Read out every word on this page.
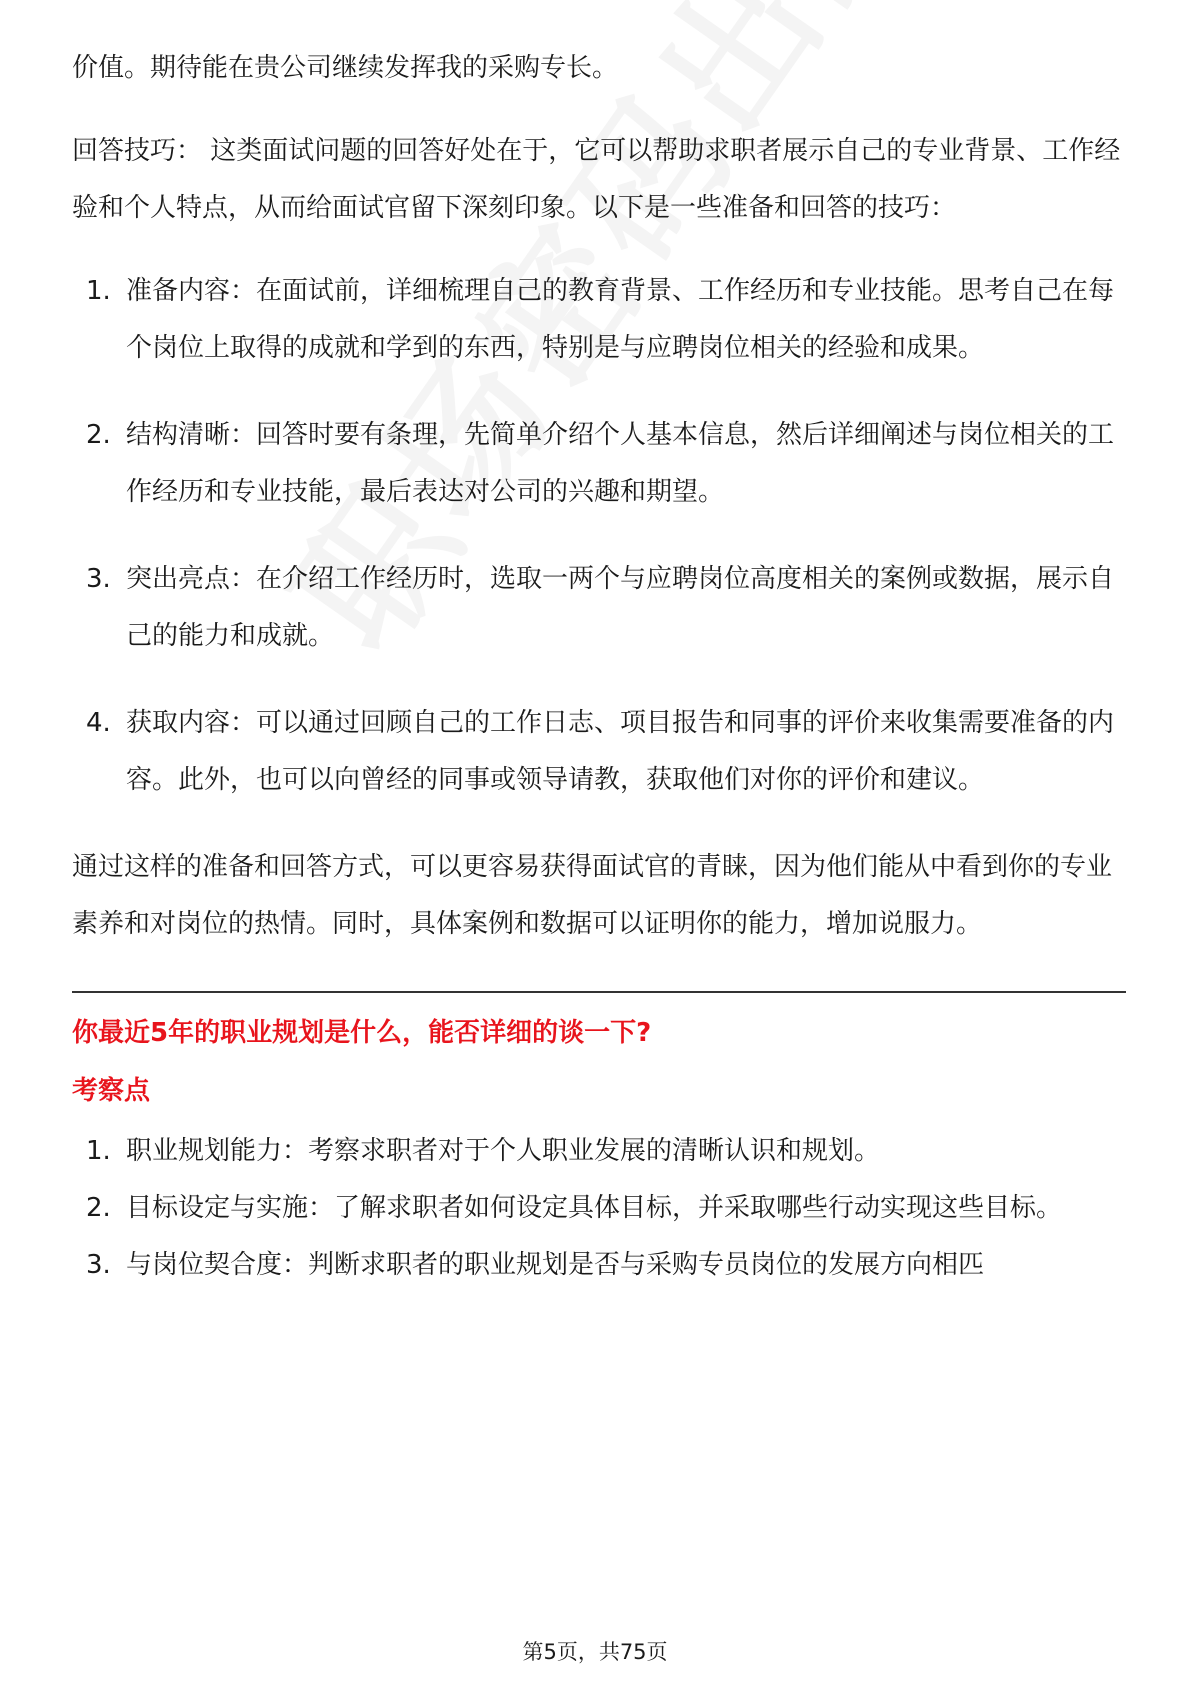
价值。期待能在贵公司继续发挥我的采购专长。

回答技巧： 这类面试问题的回答好处在于，它可以帮助求职者展示自己的专业背景、工作经验和个人特点，从而给面试官留下深刻印象。以下是一些准备和回答的技巧：

1. 准备内容：在面试前，详细梳理自己的教育背景、工作经历和专业技能。思考自己在每个岗位上取得的成就和学到的东西，特别是与应聘岗位相关的经验和成果。
2. 结构清晰：回答时要有条理，先简单介绍个人基本信息，然后详细阐述与岗位相关的工作经历和专业技能，最后表达对公司的兴趣和期望。
3. 突出亮点：在介绍工作经历时，选取一两个与应聘岗位高度相关的案例或数据，展示自己的能力和成就。
4. 获取内容：可以通过回顾自己的工作日志、项目报告和同事的评价来收集需要准备的内容。此外，也可以向曾经的同事或领导请教，获取他们对你的评价和建议。

通过这样的准备和回答方式，可以更容易获得面试官的青睐，因为他们能从中看到你的专业素养和对岗位的热情。同时，具体案例和数据可以证明你的能力，增加说服力。

你最近5年的职业规划是什么，能否详细的谈一下?
考察点
1. 职业规划能力：考察求职者对于个人职业发展的清晰认识和规划。
2. 目标设定与实施：了解求职者如何设定具体目标，并采取哪些行动实现这些目标。
3. 与岗位契合度：判断求职者的职业规划是否与采购专员岗位的发展方向相匹
第5页，共75页
